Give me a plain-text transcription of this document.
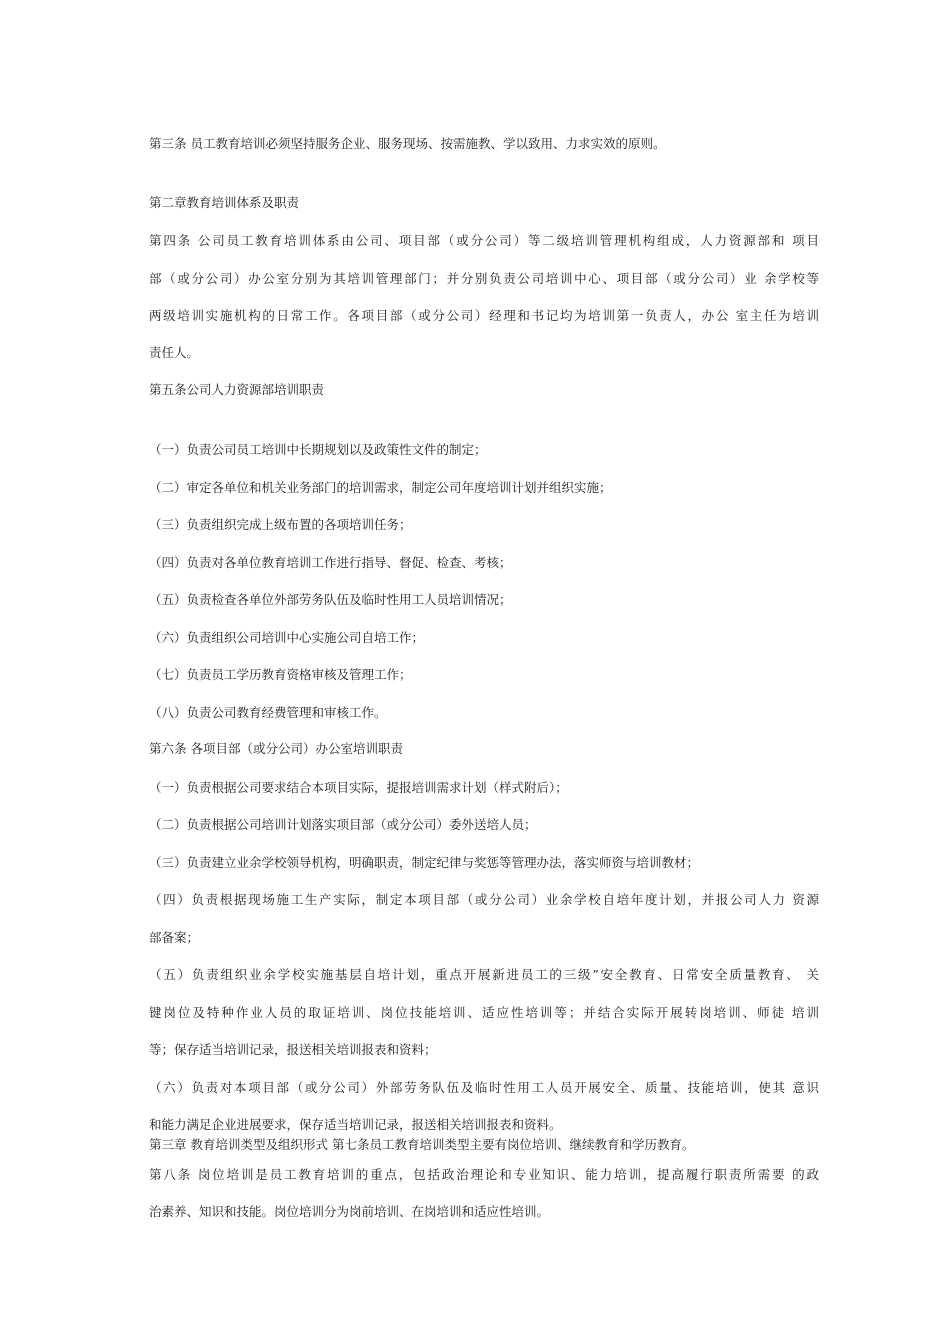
第三条 员工教育培训必须坚持服务企业、服务现场、按需施教、学以致用、力求实效的原则。
第二章教育培训体系及职责
第四条 公司员工教育培训体系由公司、项目部（或分公司）等二级培训管理机构组成，人力资源部和 项目
部（或分公司）办公室分别为其培训管理部门；并分别负责公司培训中心、项目部（或分公司）业 余学校等
两级培训实施机构的日常工作。各项目部（或分公司）经理和书记均为培训第一负责人，办公 室主任为培训
责任人。
第五条公司人力资源部培训职责
（一）负责公司员工培训中长期规划以及政策性文件的制定；
（二）审定各单位和机关业务部门的培训需求，制定公司年度培训计划并组织实施；
（三）负责组织完成上级布置的各项培训任务；
（四）负责对各单位教育培训工作进行指导、督促、检查、考核；
（五）负责检查各单位外部劳务队伍及临时性用工人员培训情况；
（六）负责组织公司培训中心实施公司自培工作；
（七）负责员工学历教育资格审核及管理工作；
（八）负责公司教育经费管理和审核工作。
第六条 各项目部（或分公司）办公室培训职责
（一）负责根据公司要求结合本项目实际，提报培训需求计划（样式附后）；
（二）负责根据公司培训计划落实项目部（或分公司）委外送培人员；
（三）负责建立业余学校领导机构，明确职责，制定纪律与奖惩等管理办法，落实师资与培训教材；
（四）负责根据现场施工生产实际，制定本项目部（或分公司）业余学校自培年度计划，并报公司人力 资源
部备案；
（五）负责组织业余学校实施基层自培计划，重点开展新进员工的三级”安全教育、日常安全质量教育、 关
键岗位及特种作业人员的取证培训、岗位技能培训、适应性培训等；并结合实际开展转岗培训、师徒 培训
等；保存适当培训记录，报送相关培训报表和资料；
（六）负责对本项目部（或分公司）外部劳务队伍及临时性用工人员开展安全、质量、技能培训，使其 意识
和能力满足企业进展要求，保存适当培训记录，报送相关培训报表和资料。
第三章 教育培训类型及组织形式 第七条员工教育培训类型主要有岗位培训、继续教育和学历教育。
第八条 岗位培训是员工教育培训的重点，包括政治理论和专业知识、能力培训，提高履行职责所需要 的政
治素养、知识和技能。岗位培训分为岗前培训、在岗培训和适应性培训。
